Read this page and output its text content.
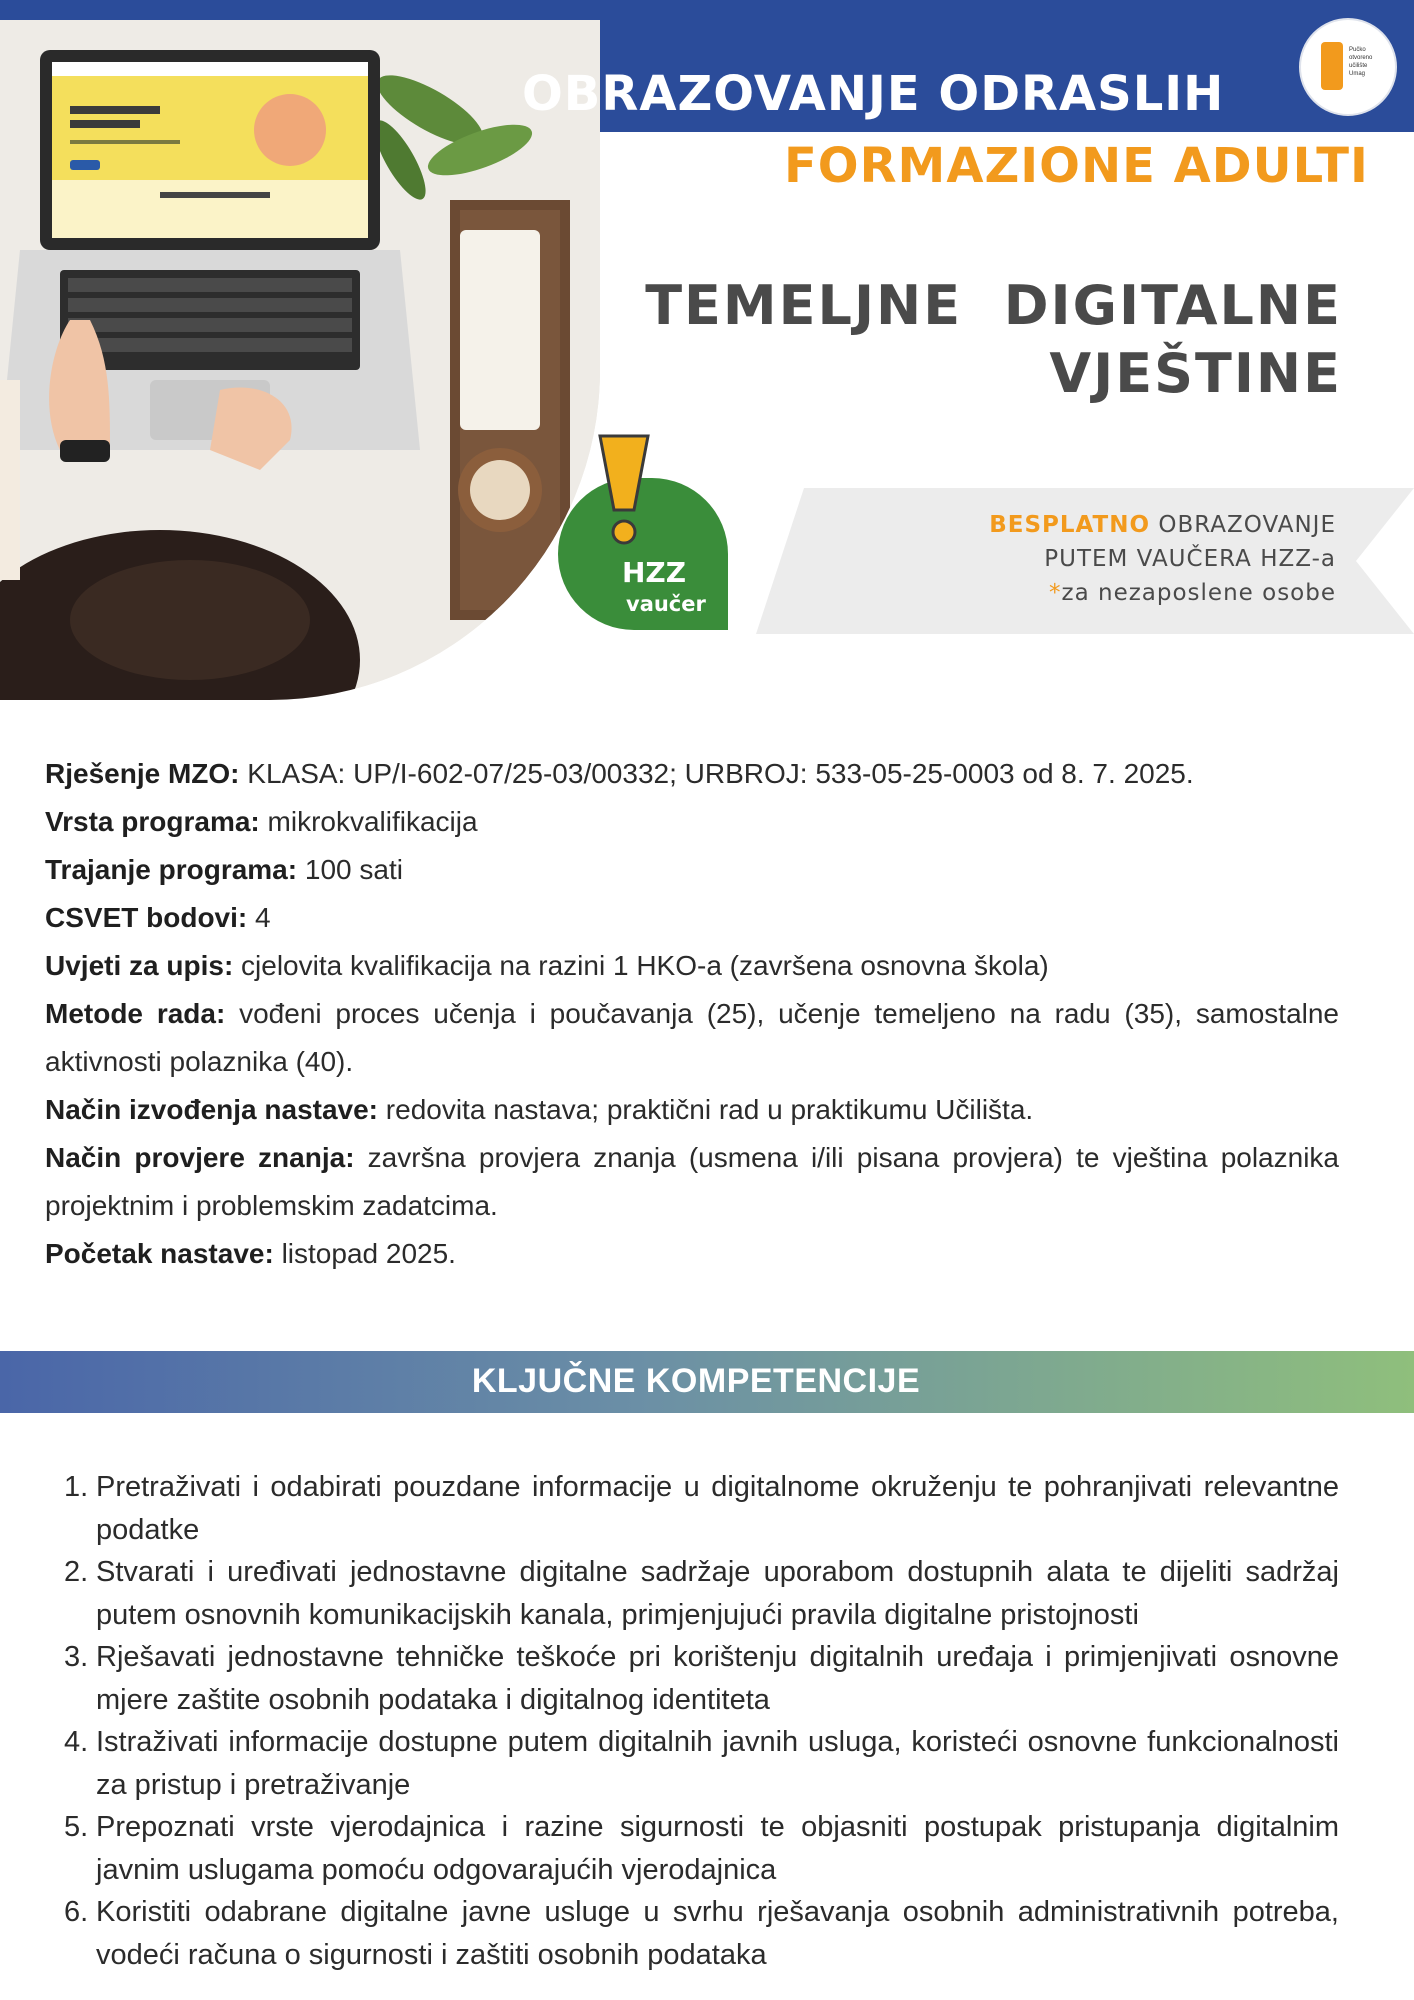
OBRAZOVANJE ODRASLIH
FORMAZIONE ADULTI
Pučko otvoreno učilište Umag
TEMELJNE  DIGITALNE
VJEŠTINE
BESPLATNO OBRAZOVANJE
PUTEM VAUČERA HZZ-a
*za nezaposlene osobe
HZZ
vaučer

Rješenje MZO: KLASA: UP/I-602-07/25-03/00332; URBROJ: 533-05-25-0003 od 8. 7. 2025.

Vrsta programa: mikrokvalifikacija

Trajanje programa: 100 sati

CSVET bodovi: 4

Uvjeti za upis: cjelovita kvalifikacija na razini 1 HKO-a (završena osnovna škola)

Metode rada: vođeni proces učenja i poučavanja (25), učenje temeljeno na radu (35), samostalne aktivnosti polaznika (40).

Način izvođenja nastave: redovita nastava; praktični rad u praktikumu Učilišta.

Način provjere znanja: završna provjera znanja (usmena i/ili pisana provjera) te vještina polaznika projektnim i problemskim zadatcima.

Početak nastave: listopad 2025.

KLJUČNE KOMPETENCIJE
1. Pretraživati i odabirati pouzdane informacije u digitalnome okruženju te pohranjivati relevantne podatke
2. Stvarati i uređivati jednostavne digitalne sadržaje uporabom dostupnih alata te dijeliti sadržaj putem osnovnih komunikacijskih kanala, primjenjujući pravila digitalne pristojnosti
3. Rješavati jednostavne tehničke teškoće pri korištenju digitalnih uređaja i primjenjivati osnovne mjere zaštite osobnih podataka i digitalnog identiteta
4. Istraživati informacije dostupne putem digitalnih javnih usluga, koristeći osnovne funkcionalnosti za pristup i pretraživanje
5. Prepoznati vrste vjerodajnica i razine sigurnosti te objasniti postupak pristupanja digitalnim javnim uslugama pomoću odgovarajućih vjerodajnica
6. Koristiti odabrane digitalne javne usluge u svrhu rješavanja osobnih administrativnih potreba, vodeći računa o sigurnosti i zaštiti osobnih podataka
